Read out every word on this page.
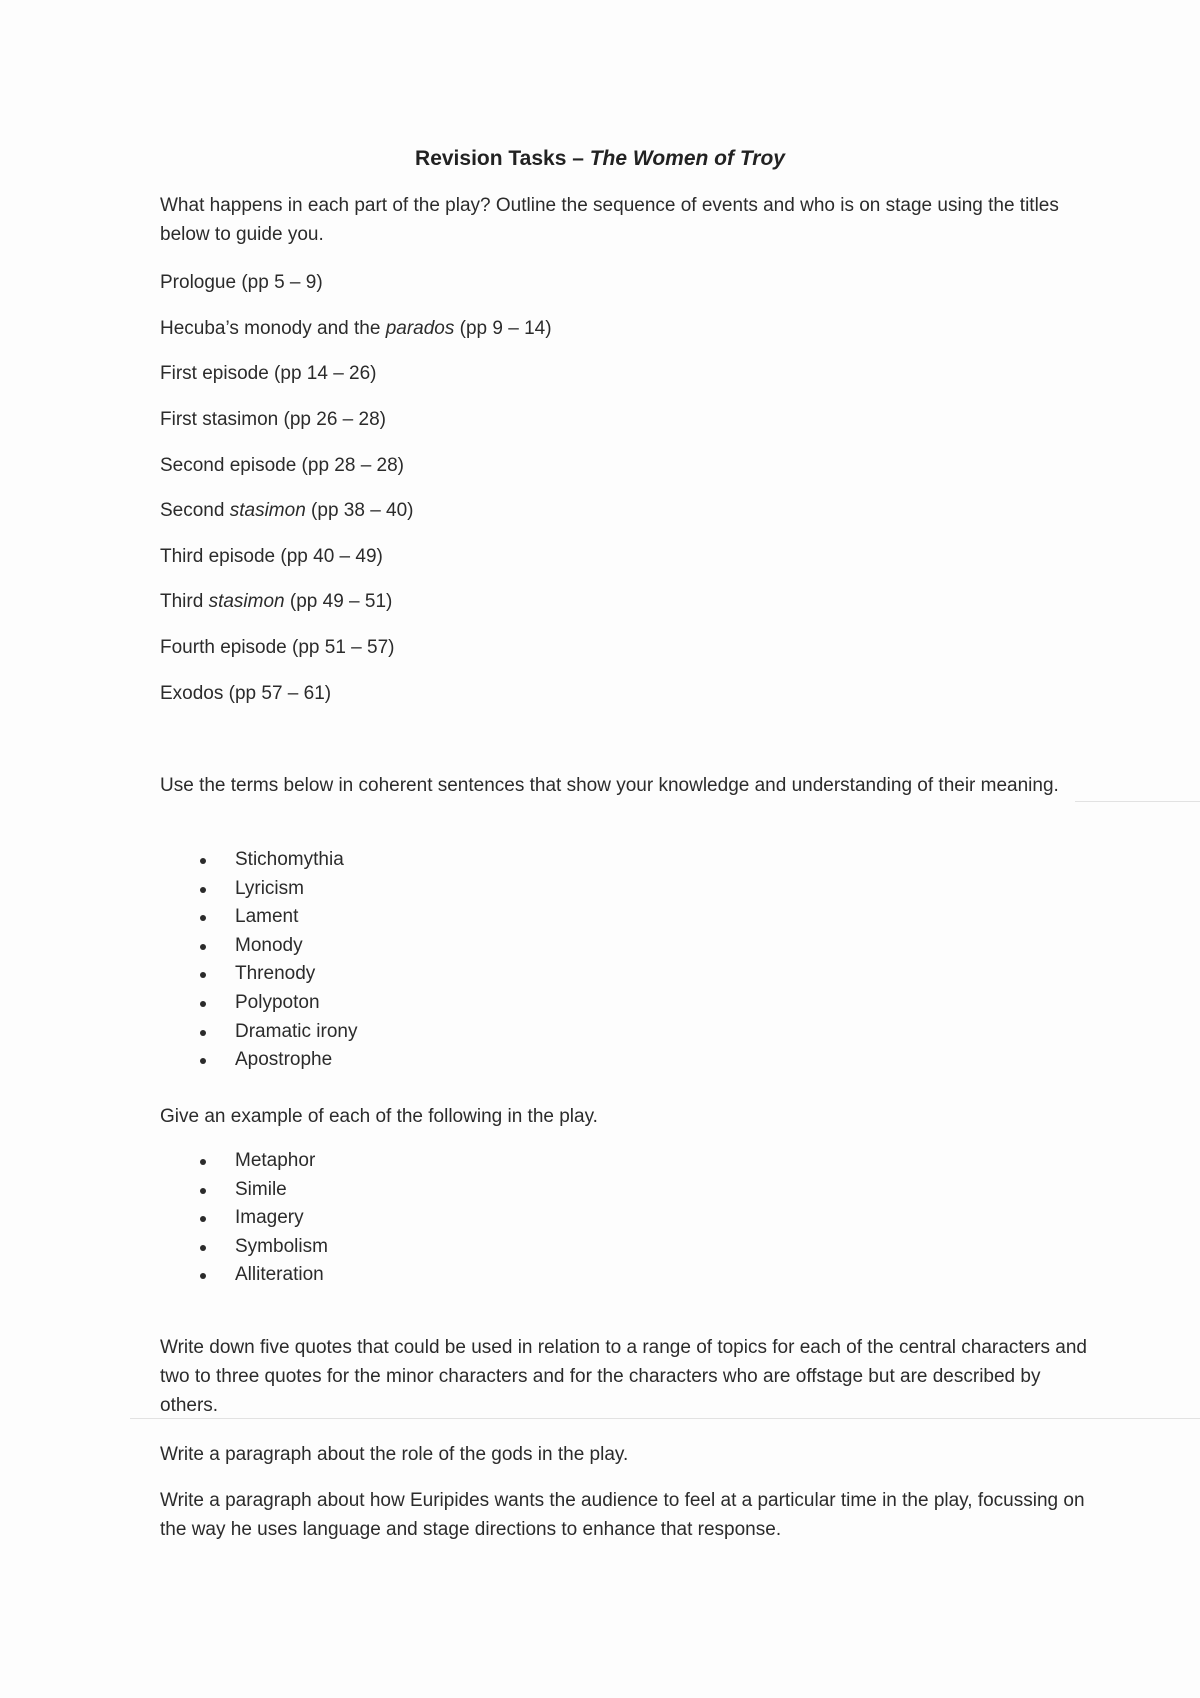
Revision Tasks – The Women of Troy

What happens in each part of the play? Outline the sequence of events and who is on stage using the titles below to guide you.

Prologue (pp 5 – 9)

Hecuba’s monody and the parados (pp 9 – 14)

First episode (pp 14 – 26)

First stasimon (pp 26 – 28)

Second episode (pp 28 – 28)

Second stasimon (pp 38 – 40)

Third episode (pp 40 – 49)

Third stasimon (pp 49 – 51)

Fourth episode (pp 51 – 57)

Exodos (pp 57 – 61)

Use the terms below in coherent sentences that show your knowledge and understanding of their meaning.

Stichomythia
Lyricism
Lament
Monody
Threnody
Polypoton
Dramatic irony
Apostrophe

Give an example of each of the following in the play.

Metaphor
Simile
Imagery
Symbolism
Alliteration

Write down five quotes that could be used in relation to a range of topics for each of the central characters and two to three quotes for the minor characters and for the characters who are offstage but are described by others.

Write a paragraph about the role of the gods in the play.

Write a paragraph about how Euripides wants the audience to feel at a particular time in the play, focussing on the way he uses language and stage directions to enhance that response.
